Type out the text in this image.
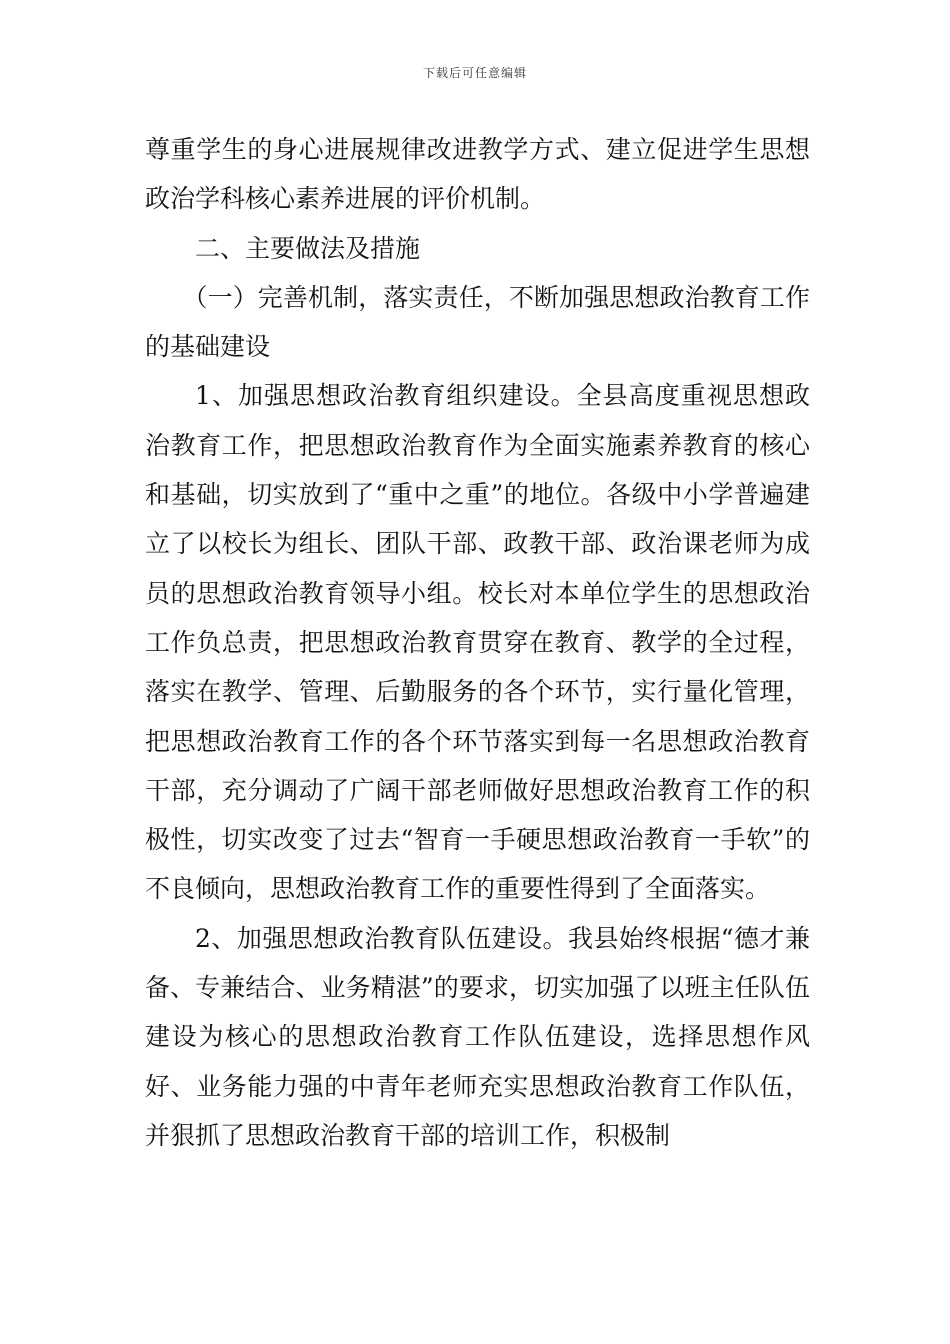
下载后可任意编辑

尊重学生的身心进展规律改进教学方式、建立促进学生思想政治学科核心素养进展的评价机制。

二、主要做法及措施

（一）完善机制，落实责任，不断加强思想政治教育工作的基础建设

1、加强思想政治教育组织建设。全县高度重视思想政治教育工作，把思想政治教育作为全面实施素养教育的核心和基础，切实放到了“重中之重”的地位。各级中小学普遍建立了以校长为组长、团队干部、政教干部、政治课老师为成员的思想政治教育领导小组。校长对本单位学生的思想政治工作负总责，把思想政治教育贯穿在教育、教学的全过程，落实在教学、管理、后勤服务的各个环节，实行量化管理，把思想政治教育工作的各个环节落实到每一名思想政治教育干部，充分调动了广阔干部老师做好思想政治教育工作的积极性，切实改变了过去“智育一手硬思想政治教育一手软”的不良倾向，思想政治教育工作的重要性得到了全面落实。

2、加强思想政治教育队伍建设。我县始终根据“德才兼备、专兼结合、业务精湛”的要求，切实加强了以班主任队伍建设为核心的思想政治教育工作队伍建设，选择思想作风好、业务能力强的中青年老师充实思想政治教育工作队伍，并狠抓了思想政治教育干部的培训工作，积极制
